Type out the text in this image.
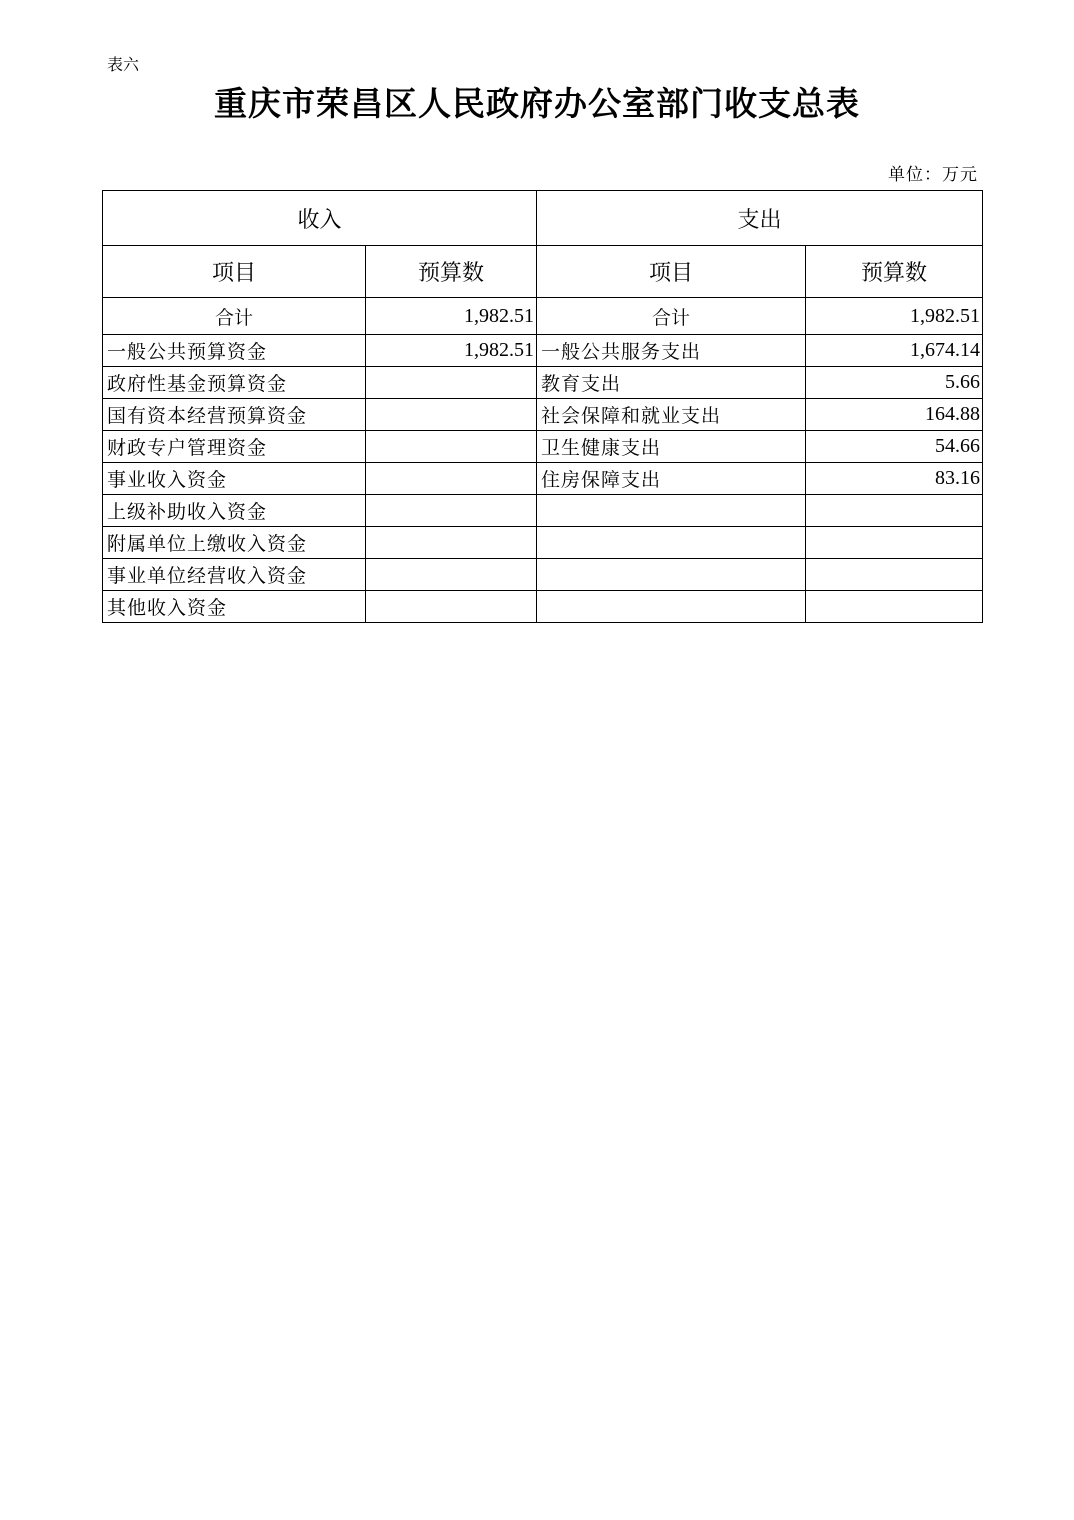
表六
重庆市荣昌区人民政府办公室部门收支总表
单位：万元
收入		支出	
项目	预算数	项目	预算数
合计	1,982.51	合计	1,982.51
一般公共预算资金	1,982.51	一般公共服务支出	1,674.14
政府性基金预算资金		教育支出	5.66
国有资本经营预算资金		社会保障和就业支出	164.88
财政专户管理资金		卫生健康支出	54.66
事业收入资金		住房保障支出	83.16
上级补助收入资金			
附属单位上缴收入资金			
事业单位经营收入资金			
其他收入资金			
